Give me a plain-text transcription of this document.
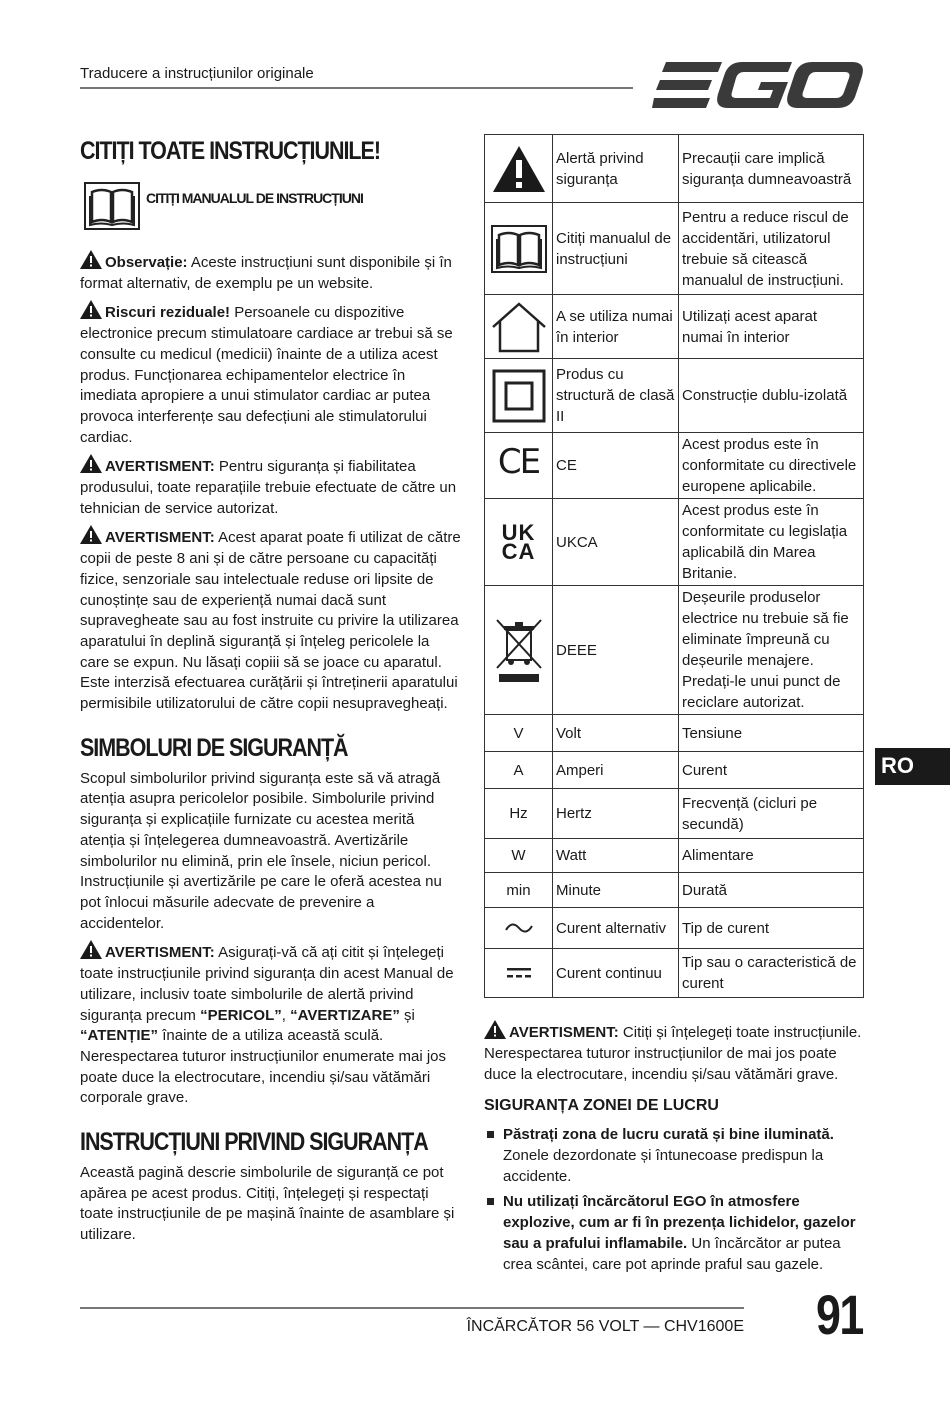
Traducere a instrucțiunilor originale
CITIȚI TOATE INSTRUCȚIUNILE!
CITIȚI MANUALUL DE INSTRUCȚIUNI

Observație: Aceste instrucțiuni sunt disponibile și în format alternativ, de exemplu pe un website.

Riscuri reziduale! Persoanele cu dispozitive electronice precum stimulatoare cardiace ar trebui să se consulte cu medicul (medicii) înainte de a utiliza acest produs. Funcționarea echipamentelor electrice în imediata apropiere a unui stimulator cardiac ar putea provoca interferențe sau defecțiuni ale stimulatorului cardiac.

AVERTISMENT: Pentru siguranța și fiabilitatea produsului, toate reparațiile trebuie efectuate de către un tehnician de service autorizat.

AVERTISMENT: Acest aparat poate fi utilizat de către copii de peste 8 ani și de către persoane cu capacități fizice, senzoriale sau intelectuale reduse ori lipsite de cunoștințe sau de experiență numai dacă sunt supravegheate sau au fost instruite cu privire la utilizarea aparatului în deplină siguranță și înțeleg pericolele la care se expun. Nu lăsați copiii să se joace cu aparatul. Este interzisă efectuarea curățării și întreținerii aparatului permisibile utilizatorului de către copii nesupravegheați.

SIMBOLURI DE SIGURANȚĂ

Scopul simbolurilor privind siguranța este să vă atragă atenția asupra pericolelor posibile. Simbolurile privind siguranța și explicațiile furnizate cu acestea merită atenția și înțelegerea dumneavoastră. Avertizările simbolurilor nu elimină, prin ele însele, niciun pericol. Instrucțiunile și avertizările pe care le oferă acestea nu pot înlocui măsurile adecvate de prevenire a accidentelor.

AVERTISMENT: Asigurați-vă că ați citit și înțelegeți toate instrucțiunile privind siguranța din acest Manual de utilizare, inclusiv toate simbolurile de alertă privind siguranța precum “PERICOL”, “AVERTIZARE” și “ATENȚIE” înainte de a utiliza această sculă. Nerespectarea tuturor instrucțiunilor enumerate mai jos poate duce la electrocutare, incendiu și/sau vătămări corporale grave.

INSTRUCȚIUNI PRIVIND SIGURANȚA

Această pagină descrie simbolurile de siguranță ce pot apărea pe acest produs. Citiți, înțelegeți și respectați toate instrucțiunile de pe mașină înainte de asamblare și utilizare.

	Alertă privind siguranța	Precauții care implică siguranța dumneavoastră

	Citiți manualul de instrucțiuni	Pentru a reduce riscul de accidentări, utilizatorul trebuie să citească manualul de instrucțiuni.

	A se utiliza numai în interior	Utilizați acest aparat numai în interior

	Produs cu structură de clasă II	Construcție dublu-izolată
CE	CE	Acest produs este în conformitate cu directivele europene aplicabile.

UK
CA	UKCA	Acest produs este în conformitate cu legislația aplicabilă din Marea Britanie.

	DEEE	Deșeurile produselor electrice nu trebuie să fie eliminate împreună cu deșeurile menajere. Predați-le unui punct de reciclare autorizat.
V	Volt	Tensiune
A	Amperi	Curent
Hz	Hertz	Frecvență (cicluri pe secundă)
W	Watt	Alimentare
min	Minute	Durată

	Curent alternativ	Tip de curent

	Curent continuu	Tip sau o caracteristică de curent

AVERTISMENT: Citiți și înțelegeți toate instrucțiunile. Nerespectarea tuturor instrucțiunilor de mai jos poate duce la electrocutare, incendiu și/sau vătămări grave.

SIGURANȚA ZONEI DE LUCRU
Păstrați zona de lucru curată și bine iluminată. Zonele dezordonate și întunecoase predispun la accidente.
Nu utilizați încărcătorul EGO în atmosfere explozive, cum ar fi în prezența lichidelor, gazelor sau a prafului inflamabile. Un încărcător ar putea crea scântei, care pot aprinde praful sau gazele.
RO
ÎNCĂRCĂTOR 56 VOLT — CHV1600E 91
